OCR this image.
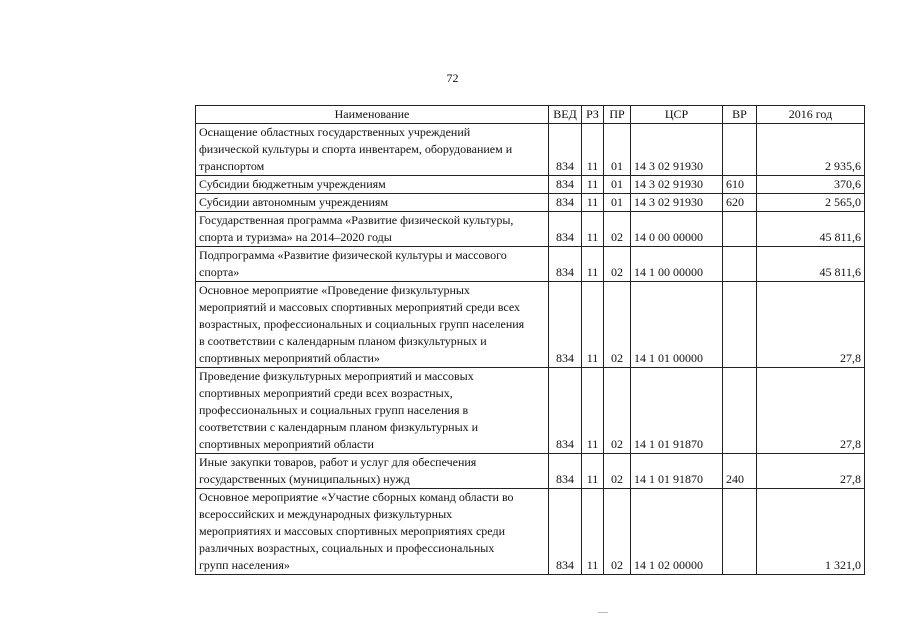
72
Наименование	ВЕД	РЗ	ПР	ЦСР	ВР	2016 год

Оснащение областных государственных учреждений
физической культуры и спорта инвентарем, оборудованием и
транспортом	834	11	01	14 3 02 91930		2 935,6

Субсидии бюджетным учреждениям	834	11	01	14 3 02 91930	610	370,6

Субсидии автономным учреждениям	834	11	01	14 3 02 91930	620	2 565,0

Государственная программа «Развитие физической культуры,
спорта и туризма» на 2014–2020 годы	834	11	02	14 0 00 00000		45 811,6

Подпрограмма «Развитие физической культуры и массового
спорта»	834	11	02	14 1 00 00000		45 811,6

Основное мероприятие «Проведение физкультурных
мероприятий и массовых спортивных мероприятий среди всех
возрастных, профессиональных и социальных групп населения
в соответствии с календарным планом физкультурных и
спортивных мероприятий области»	834	11	02	14 1 01 00000		27,8

Проведение физкультурных мероприятий и массовых
спортивных мероприятий среди всех возрастных,
профессиональных и социальных групп населения в
соответствии с календарным планом физкультурных и
спортивных мероприятий области	834	11	02	14 1 01 91870		27,8

Иные закупки товаров, работ и услуг для обеспечения
государственных (муниципальных) нужд	834	11	02	14 1 01 91870	240	27,8

Основное мероприятие «Участие сборных команд области во
всероссийских и международных физкультурных
мероприятиях и массовых спортивных мероприятиях среди
различных возрастных, социальных и профессиональных
групп населения»	834	11	02	14 1 02 00000		1 321,0
